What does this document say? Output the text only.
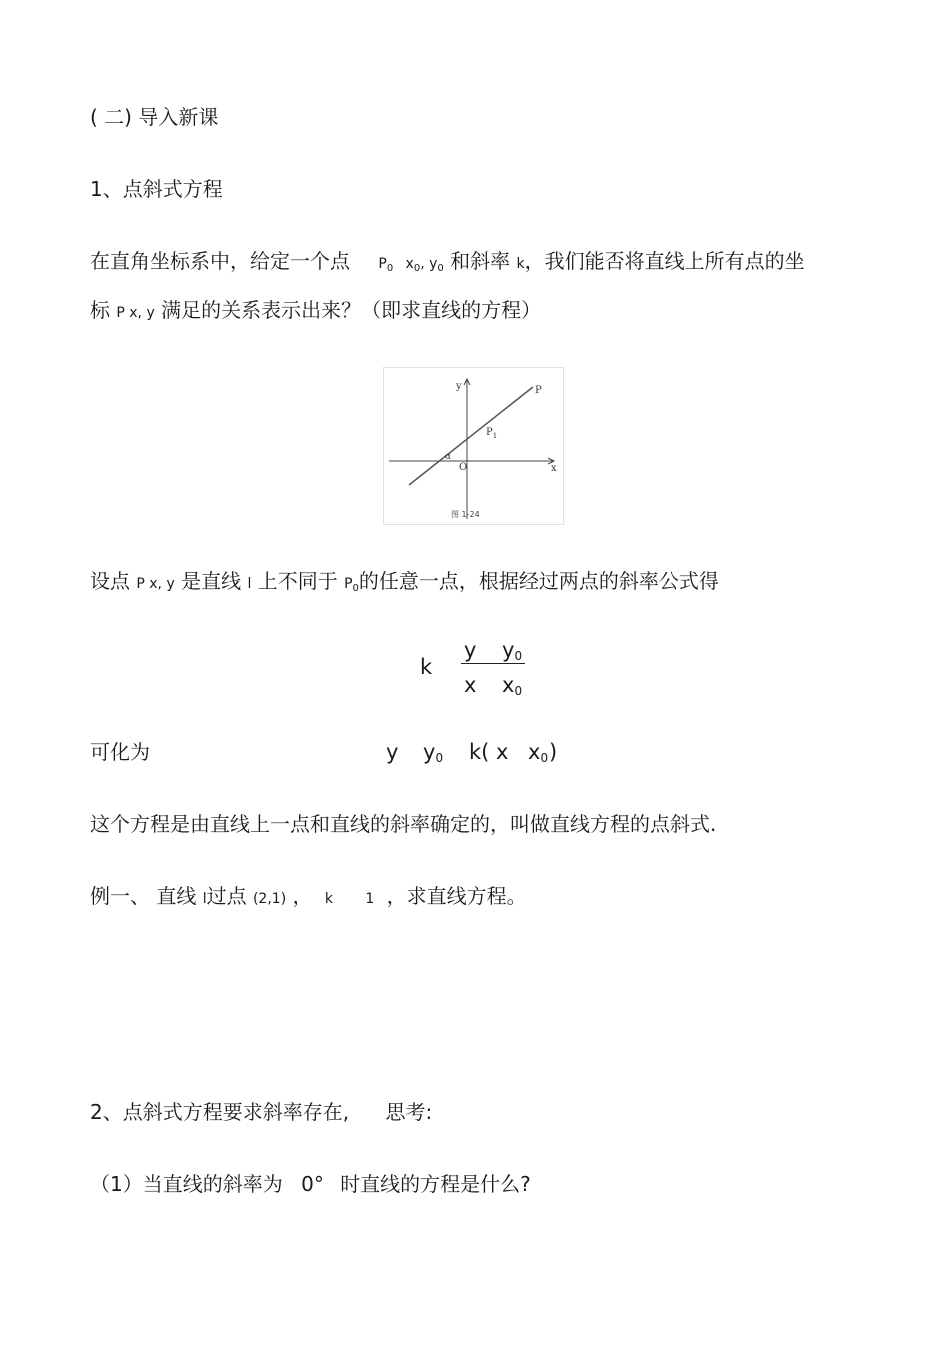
( 二) 导入新课
1、点斜式方程
在直角坐标系中，给定一个点 $P_0$ $x_0$, $y_0$ 和斜率 k，我们能否将直线上所有点的坐
标 P x, y 满足的关系表示出来？（即求直线的方程）
y
x
O
P
$P_1$
α
图 1-24
设点 P x, y 是直线 l 上不同于 $P_0$的任意一点，根据经过两点的斜率公式得
k
y $y_0$
x $x_0$
可化为	y $y_0$ k( x $x_0$ )
这个方程是由直线上一点和直线的斜率确定的，叫做直线方程的点斜式.
例一、 直线 l过点 (2,1) ， k 1 ，求直线方程。
2、点斜式方程要求斜率存在, 思考:
（1）当直线的斜率为 0° 时直线的方程是什么?
